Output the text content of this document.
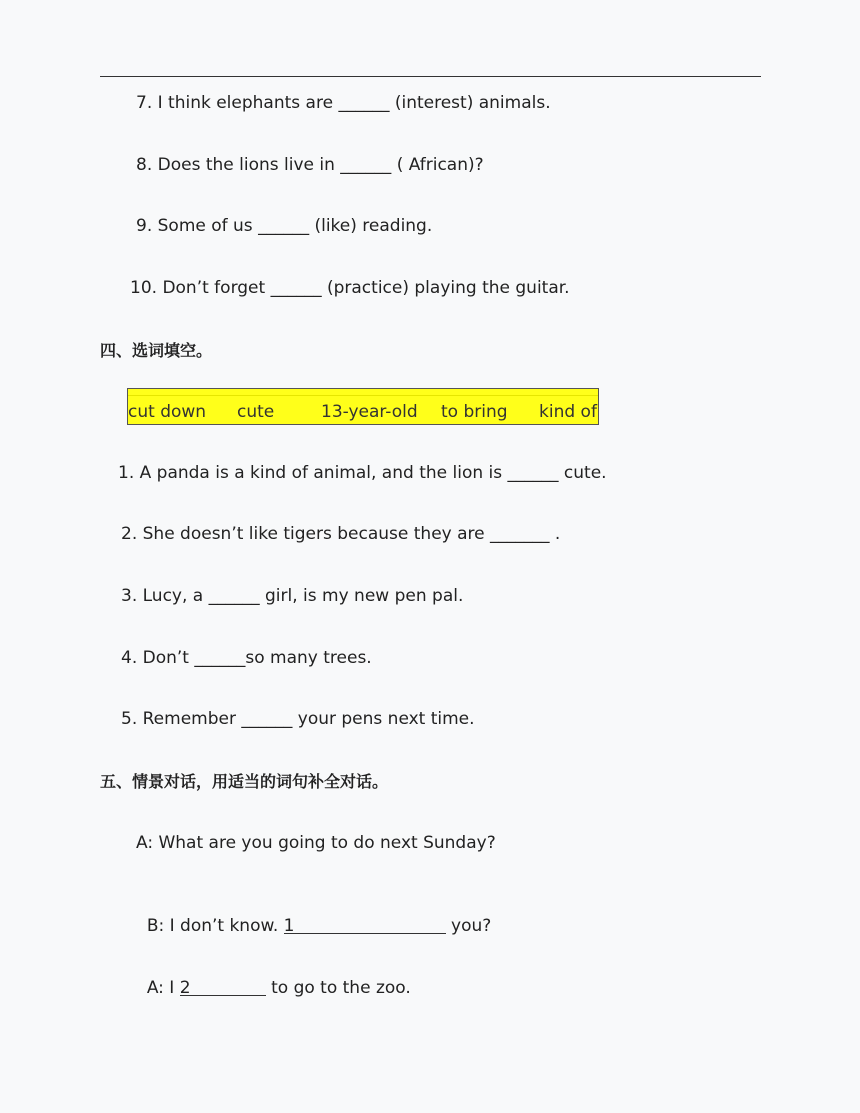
7. I think elephants are ______ (interest) animals.
8. Does the lions live in ______ ( African)?
9. Some of us ______ (like) reading.
10. Don’t forget ______ (practice) playing the guitar.
四、选词填空。
cut down cute	13-year-old to bring kind of
1. A panda is a kind of animal, and the lion is ______ cute.
2. She doesn’t like tigers because they are _______ .
3. Lucy, a ______ girl, is my new pen pal.
4. Don’t ______so many trees.
5. Remember ______ your pens next time.
五、情景对话，用适当的词句补全对话。
A: What are you going to do next Sunday?

B: I don’t know. 1	you?

A: I 2	to go to the zoo.
